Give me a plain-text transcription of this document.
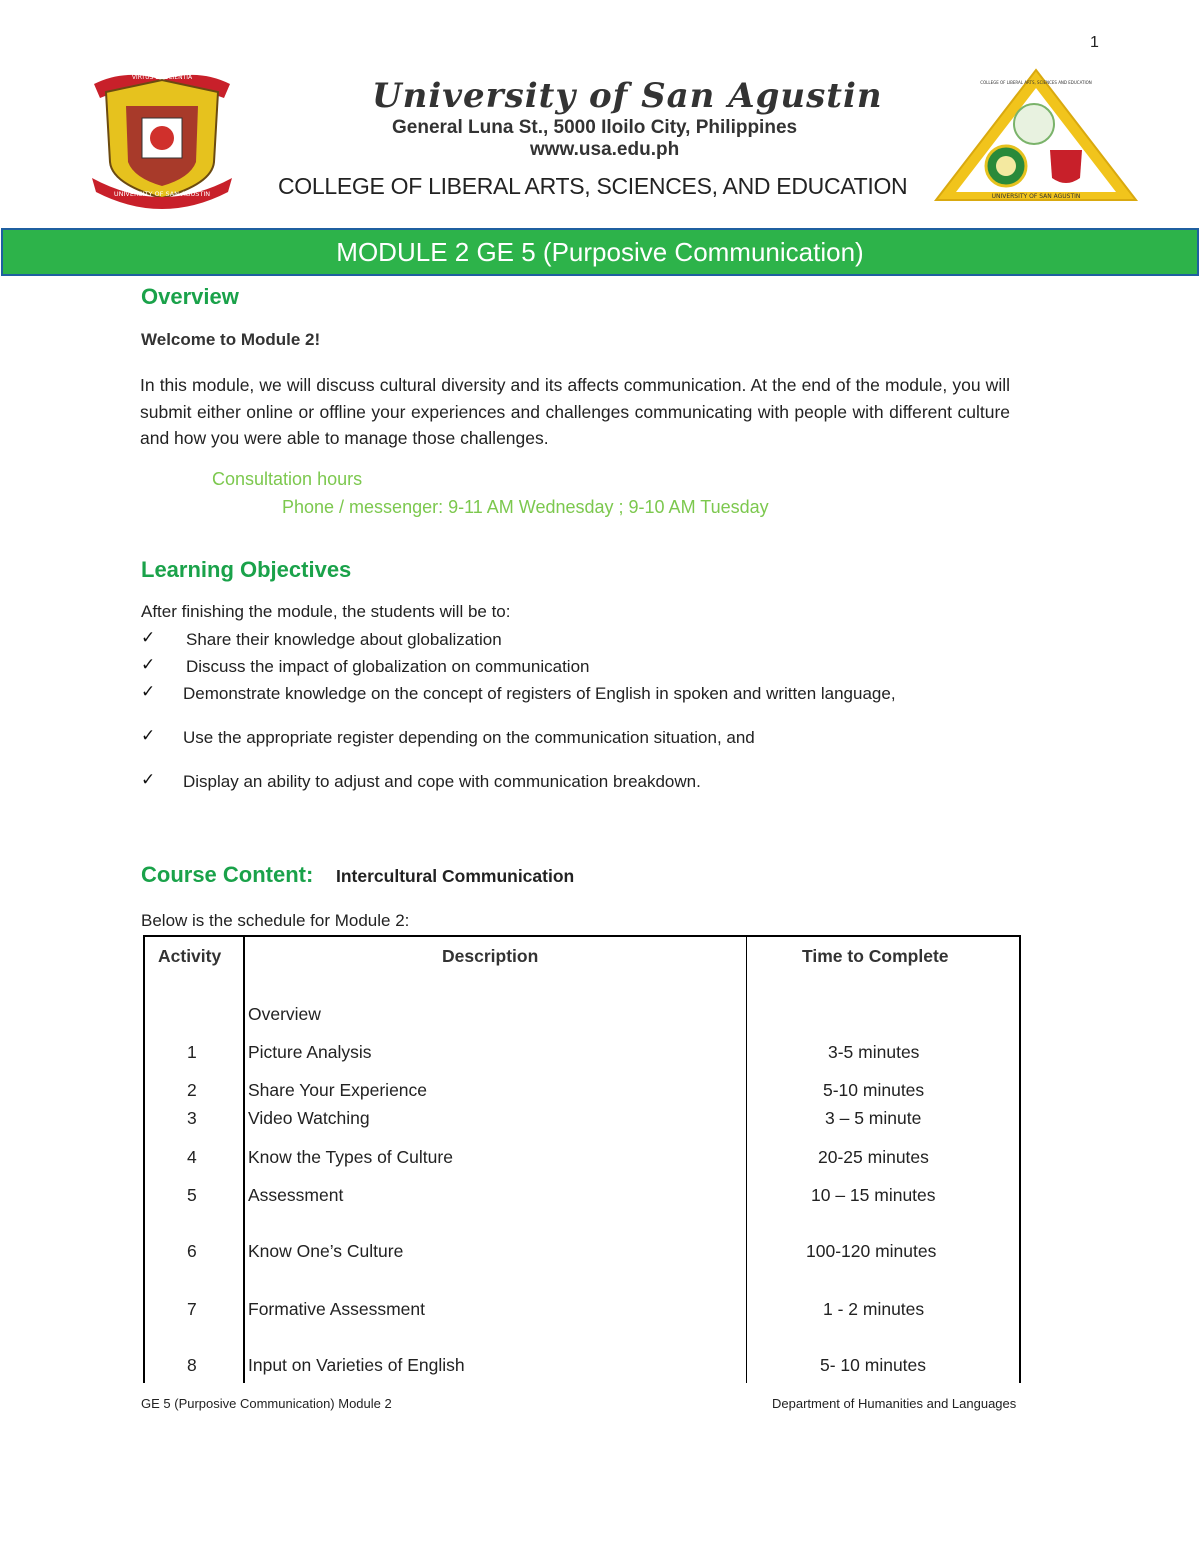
1
VIRTUS ET SCIENTIA
UNIVERSITY OF SAN AGUSTIN
University of San Agustin
General Luna St., 5000 Iloilo City, Philippines
www.usa.edu.ph
COLLEGE OF LIBERAL ARTS, SCIENCES, AND EDUCATION	UNIVERSITY OF SAN AGUSTIN
COLLEGE OF LIBERAL ARTS, SCIENCES AND EDUCATION
MODULE 2 GE 5 (Purposive Communication)
Overview
Welcome to Module 2!
In this module, we will discuss cultural diversity and its affects communication. At the end of the module, you will submit either online or offline your experiences and challenges communicating with people with different culture and how you were able to manage those challenges.
Consultation hours
Phone / messenger: 9-11 AM Wednesday ; 9-10 AM Tuesday
Learning Objectives
After finishing the module, the students will be to:
✓ Share their knowledge about globalization
✓ Discuss the impact of globalization on communication
✓ Demonstrate knowledge on the concept of registers of English in spoken and written language,
✓ Use the appropriate register depending on the communication situation, and
✓ Display an ability to adjust and cope with communication breakdown.
Course Content: Intercultural Communication
Below is the schedule for Module 2:
Activity	Description	Time to Complete
Overview
1	Picture Analysis	3-5 minutes
2	Share Your Experience	5-10 minutes
3	Video Watching	3 – 5 minute
4	Know the Types of Culture	20-25 minutes
5	Assessment	10 – 15 minutes
6	Know One’s Culture	100-120 minutes
7	Formative Assessment	1 - 2 minutes
8	Input on Varieties of English	5- 10 minutes
GE 5 (Purposive Communication) Module 2	Department of Humanities and Languages
